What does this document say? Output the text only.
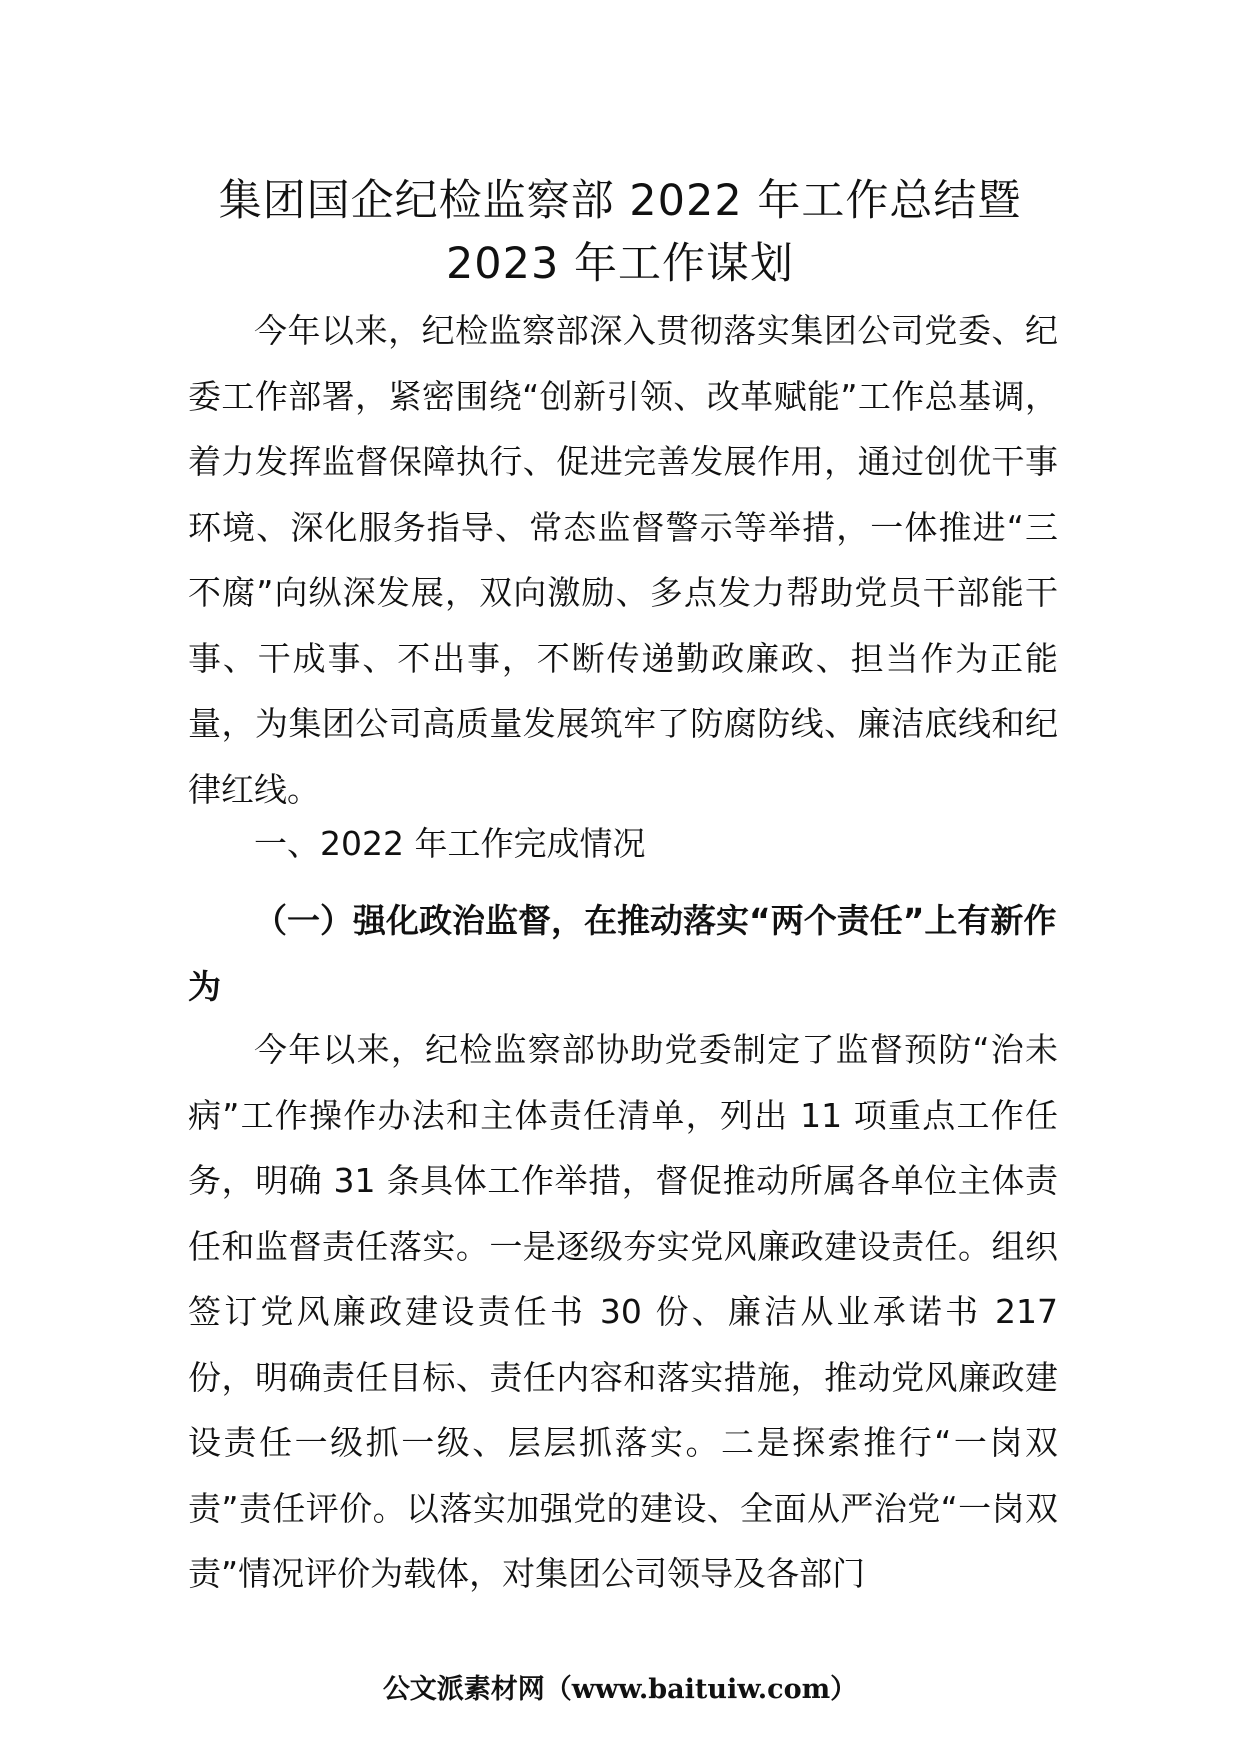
集团国企纪检监察部 2022 年工作总结暨
2023 年工作谋划

今年以来，纪检监察部深入贯彻落实集团公司党委、纪委工作部署，紧密围绕“创新引领、改革赋能”工作总基调，着力发挥监督保障执行、促进完善发展作用，通过创优干事环境、深化服务指导、常态监督警示等举措，一体推进“三不腐”向纵深发展，双向激励、多点发力帮助党员干部能干事、干成事、不出事，不断传递勤政廉政、担当作为正能量，为集团公司高质量发展筑牢了防腐防线、廉洁底线和纪律红线。

一、2022 年工作完成情况

（一）强化政治监督，在推动落实“两个责任”上有新作为

今年以来，纪检监察部协助党委制定了监督预防“治未病”工作操作办法和主体责任清单，列出 11 项重点工作任务，明确 31 条具体工作举措，督促推动所属各单位主体责任和监督责任落实。一是逐级夯实党风廉政建设责任。组织签订党风廉政建设责任书 30 份、廉洁从业承诺书 217 份，明确责任目标、责任内容和落实措施，推动党风廉政建设责任一级抓一级、层层抓落实。二是探索推行“一岗双责”责任评价。以落实加强党的建设、全面从严治党“一岗双责”情况评价为载体，对集团公司领导及各部门

公文派素材网（www.baituiw.com）
